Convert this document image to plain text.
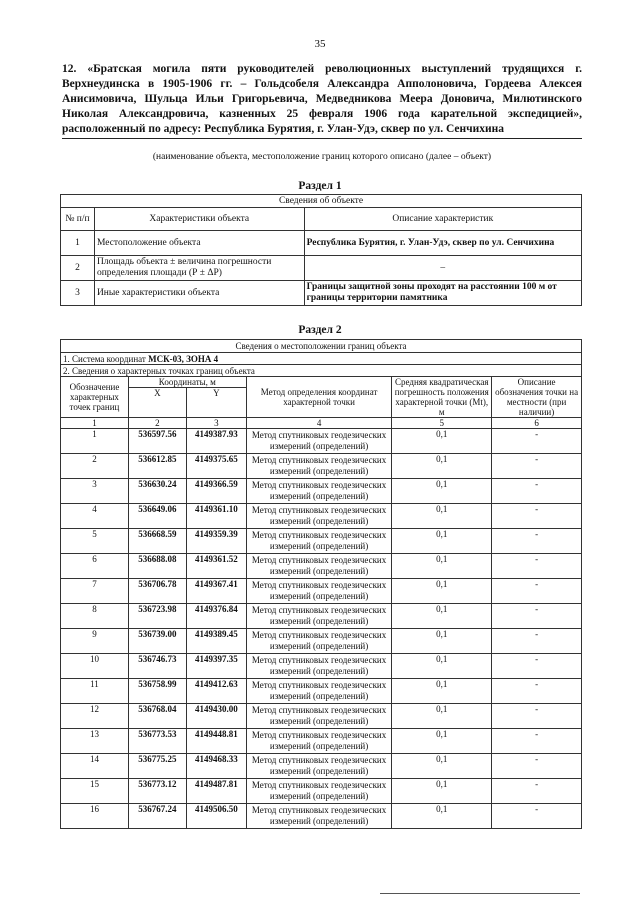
35
12. «Братская могила пяти руководителей революционных выступлений трудящихся г. Верхнеудинска в 1905-1906 гг. – Гольдсобеля Александра Апполоновича, Гордеева Алексея Анисимовича, Шульца Ильи Григорьевича, Медведникова Меера Доновича, Милютинского Николая Александровича, казненных 25 февраля 1906 года карательной экспедицией», расположенный по адресу: Республика Бурятия, г. Улан-Удэ, сквер по ул. Сенчихина
(наименование объекта, местоположение границ которого описано (далее – объект)
Раздел 1
Сведения об объекте		
№ п/п	Характеристики объекта	Описание характеристик
1	Местоположение объекта	Республика Бурятия, г. Улан-Удэ, сквер по ул. Сенчихина
2	Площадь объекта ± величина погрешности определения площади (Р ± ΔР)	–
3	Иные характеристики объекта	Границы защитной зоны проходят на расстоянии 100 м от границы территории памятника
Раздел 2
Сведения о местоположении границ объекта					
1. Система координат МСК-03, ЗОНА 4					
2. Сведения о характерных точках границ объекта					
Обозначение характерных точек границ	Координаты, м		Метод определения координат характерной точки	Средняя квадратическая погрешность положения характерной точки (Mt), м	Описание обозначения точки на местности (при наличии)
	X	Y			
1	2	3	4	5	6
1	536597.56	4149387.93	Метод спутниковых геодезических измерений (определений)	0,1	-
2	536612.85	4149375.65	Метод спутниковых геодезических измерений (определений)	0,1	-
3	536630.24	4149366.59	Метод спутниковых геодезических измерений (определений)	0,1	-
4	536649.06	4149361.10	Метод спутниковых геодезических измерений (определений)	0,1	-
5	536668.59	4149359.39	Метод спутниковых геодезических измерений (определений)	0,1	-
6	536688.08	4149361.52	Метод спутниковых геодезических измерений (определений)	0,1	-
7	536706.78	4149367.41	Метод спутниковых геодезических измерений (определений)	0,1	-
8	536723.98	4149376.84	Метод спутниковых геодезических измерений (определений)	0,1	-
9	536739.00	4149389.45	Метод спутниковых геодезических измерений (определений)	0,1	-
10	536746.73	4149397.35	Метод спутниковых геодезических измерений (определений)	0,1	-
11	536758.99	4149412.63	Метод спутниковых геодезических измерений (определений)	0,1	-
12	536768.04	4149430.00	Метод спутниковых геодезических измерений (определений)	0,1	-
13	536773.53	4149448.81	Метод спутниковых геодезических измерений (определений)	0,1	-
14	536775.25	4149468.33	Метод спутниковых геодезических измерений (определений)	0,1	-
15	536773.12	4149487.81	Метод спутниковых геодезических измерений (определений)	0,1	-
16	536767.24	4149506.50	Метод спутниковых геодезических измерений (определений)	0,1	-
